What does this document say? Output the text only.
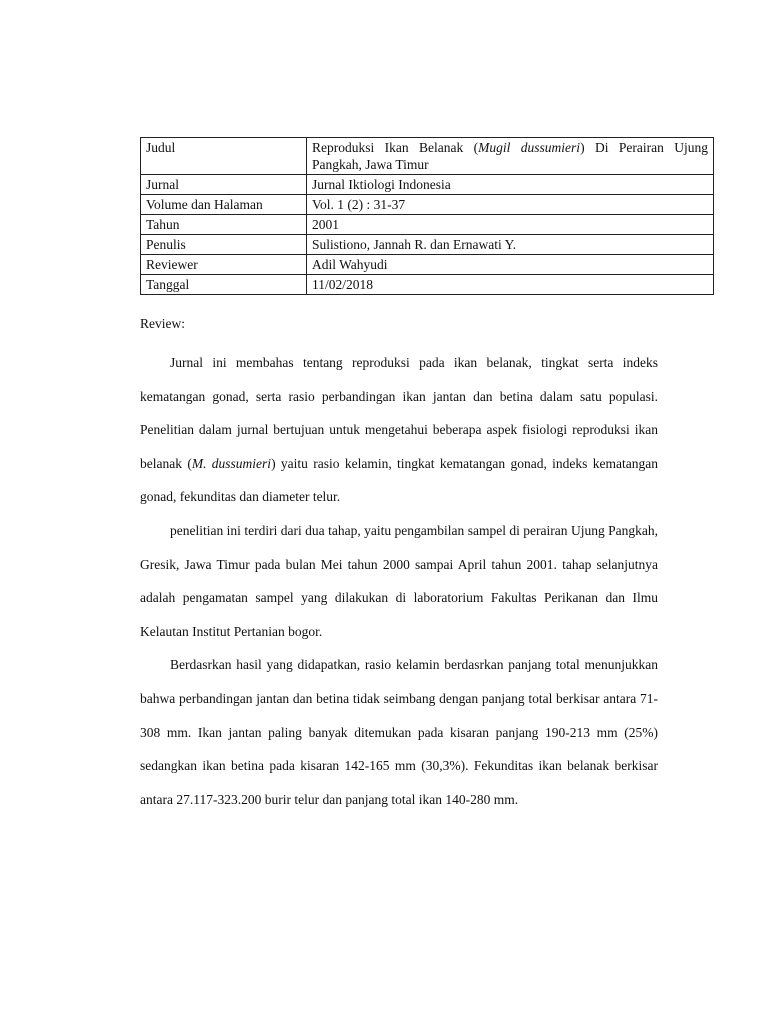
Judul	Reproduksi Ikan Belanak (Mugil dussumieri) Di Perairan Ujung Pangkah, Jawa Timur
Jurnal	Jurnal Iktiologi Indonesia
Volume dan Halaman	Vol. 1 (2) : 31-37
Tahun	2001
Penulis	Sulistiono, Jannah R. dan Ernawati Y.
Reviewer	Adil Wahyudi
Tanggal	11/02/2018
Review:

Jurnal ini membahas tentang reproduksi pada ikan belanak, tingkat serta indeks kematangan gonad, serta rasio perbandingan ikan jantan dan betina dalam satu populasi. Penelitian dalam jurnal bertujuan untuk mengetahui beberapa aspek fisiologi reproduksi ikan belanak (M. dussumieri) yaitu rasio kelamin, tingkat kematangan gonad, indeks kematangan gonad, fekunditas dan diameter telur.

penelitian ini terdiri dari dua tahap, yaitu pengambilan sampel di perairan Ujung Pangkah, Gresik, Jawa Timur pada bulan Mei tahun 2000 sampai April tahun 2001. tahap selanjutnya adalah pengamatan sampel yang dilakukan di laboratorium Fakultas Perikanan dan Ilmu Kelautan Institut Pertanian bogor.

Berdasrkan hasil yang didapatkan, rasio kelamin berdasrkan panjang total menunjukkan bahwa perbandingan jantan dan betina tidak seimbang dengan panjang total berkisar antara 71-308 mm. Ikan jantan paling banyak ditemukan pada kisaran panjang 190-213 mm (25%) sedangkan ikan betina pada kisaran 142-165 mm (30,3%). Fekunditas ikan belanak berkisar antara 27.117-323.200 burir telur dan panjang total ikan 140-280 mm.
